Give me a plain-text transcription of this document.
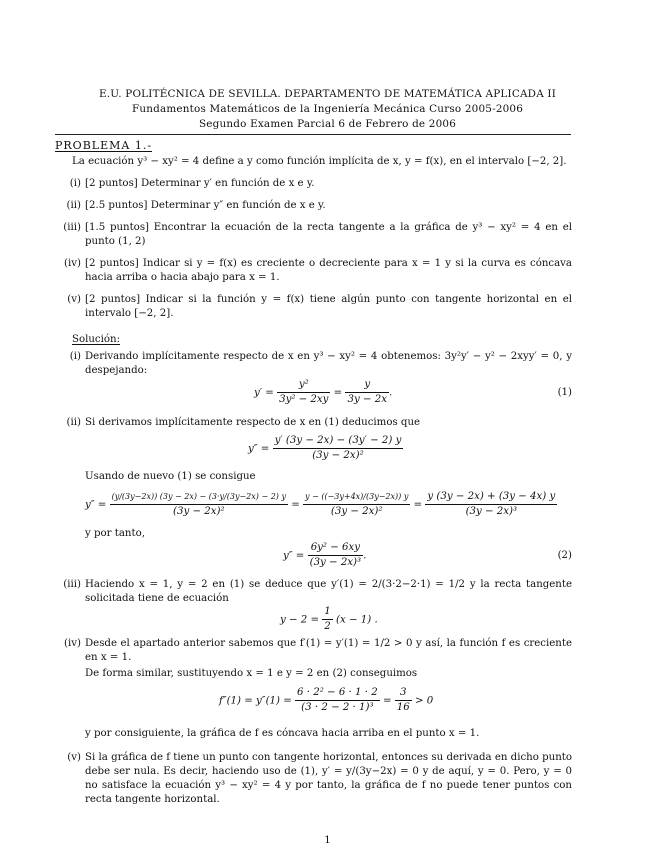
E.U. POLITÉCNICA DE SEVILLA. DEPARTAMENTO DE MATEMÁTICA APLICADA II
Fundamentos Matemáticos de la Ingeniería Mecánica Curso 2005-2006
Segundo Examen Parcial 6 de Febrero de 2006
PROBLEMA 1.-
La ecuación y³ − xy² = 4 define a y como función implícita de x, y = f(x), en el intervalo [−2, 2].
(i) [2 puntos] Determinar y′ en función de x e y.
(ii) [2.5 puntos] Determinar y″ en función de x e y.
(iii) [1.5 puntos] Encontrar la ecuación de la recta tangente a la gráfica de y³ − xy² = 4 en el punto (1, 2)
(iv) [2 puntos] Indicar si y = f(x) es creciente o decreciente para x = 1 y si la curva es cóncava hacia arriba o hacia abajo para x = 1.
(v) [2 puntos] Indicar si la función y = f(x) tiene algún punto con tangente horizontal en el intervalo [−2, 2].
Solución:
(i) Derivando implícitamente respecto de x en y³ − xy² = 4 obtenemos: 3y²y′ − y² − 2xyy′ = 0, y despejando:
$y' = \frac{\text{y²}}{\text{3y² − 2xy}} = \frac{y}{3y - 2x}$ .	(1)
(ii) Si derivamos implícitamente respecto de x en (1) deducimos que
$y'' = \frac{y' (3y - 2x) - (3y' - 2) y}{\text{(3y − 2x)²}}$
Usando de nuevo (1) se consigue
$y'' = \frac{(y/(3y-2x)) (3y - 2x) - (3\cdot y/(3y-2x) - 2) y}{\text{(3y − 2x)²}} = \frac{y - ((-3y+4x)/(3y-2x)) y}{\text{(3y − 2x)²}} = \frac{y (3y - 2x) + (3y - 4x) y}{\text{(3y − 2x)³}}$
y por tanto,
$y'' = \frac{\text{6y² − 6xy}}{\text{(3y − 2x)³}}$ .	(2)
(iii) Haciendo x = 1, y = 2 en (1) se deduce que y′(1) = 2/(3·2−2·1) = 1/2 y la recta tangente solicitada tiene de ecuación
$y - 2 = \frac{1}{2} (x - 1)$ .
(iv) Desde el apartado anterior sabemos que f′(1) = y′(1) = 1/2 > 0 y así, la función f es creciente en x = 1.
De forma similar, sustituyendo x = 1 e y = 2 en (2) conseguimos
$f''(1) = y''(1) = \frac{\text{6 · 2² − 6 · 1 · 2}}{\text{(3 · 2 − 2 · 1)³}} = \frac{3}{16} > 0$
y por consiguiente, la gráfica de f es cóncava hacia arriba en el punto x = 1.
(v) Si la gráfica de f tiene un punto con tangente horizontal, entonces su derivada en dicho punto debe ser nula. Es decir, haciendo uso de (1), y′ = y/(3y−2x) = 0 y de aquí, y = 0. Pero, y = 0 no satisface la ecuación y³ − xy² = 4 y por tanto, la gráfica de f no puede tener puntos con recta tangente horizontal.
1
